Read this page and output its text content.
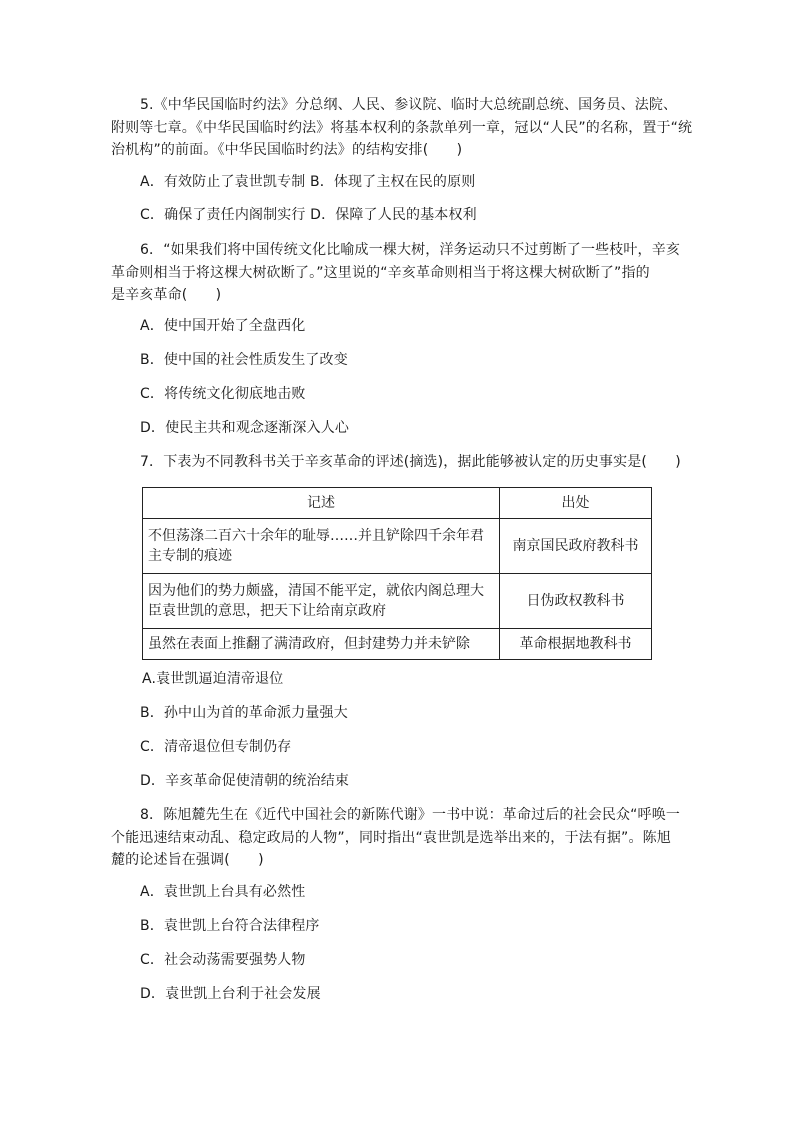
5.《中华民国临时约法》分总纲、人民、参议院、临时大总统副总统、国务员、法院、
附则等七章。《中华民国临时约法》将基本权利的条款单列一章，冠以“人民”的名称，置于“统
治机构”的前面。《中华民国临时约法》的结构安排(　　)
A．有效防止了袁世凯专制 B．体现了主权在民的原则
C．确保了责任内阁制实行 D．保障了人民的基本权利
6．“如果我们将中国传统文化比喻成一棵大树，洋务运动只不过剪断了一些枝叶，辛亥
革命则相当于将这棵大树砍断了。”这里说的“辛亥革命则相当于将这棵大树砍断了”指的
是辛亥革命(　　)
A．使中国开始了全盘西化
B．使中国的社会性质发生了改变
C．将传统文化彻底地击败
D．使民主共和观念逐渐深入人心
7．下表为不同教科书关于辛亥革命的评述(摘选)，据此能够被认定的历史事实是(　　)
记述	出处

不但荡涤二百六十余年的耻辱……并且铲除四千余年君
主专制的痕迹	南京国民政府教科书

因为他们的势力颇盛，清国不能平定，就依内阁总理大
臣袁世凯的意思，把天下让给南京政府	日伪政权教科书

虽然在表面上推翻了满清政府，但封建势力并未铲除	革命根据地教科书
A.袁世凯逼迫清帝退位
B．孙中山为首的革命派力量强大
C．清帝退位但专制仍存
D．辛亥革命促使清朝的统治结束
8．陈旭麓先生在《近代中国社会的新陈代谢》一书中说：革命过后的社会民众“呼唤一
个能迅速结束动乱、稳定政局的人物”，同时指出“袁世凯是选举出来的，于法有据”。陈旭
麓的论述旨在强调(　　)
A．袁世凯上台具有必然性
B．袁世凯上台符合法律程序
C．社会动荡需要强势人物
D．袁世凯上台利于社会发展
